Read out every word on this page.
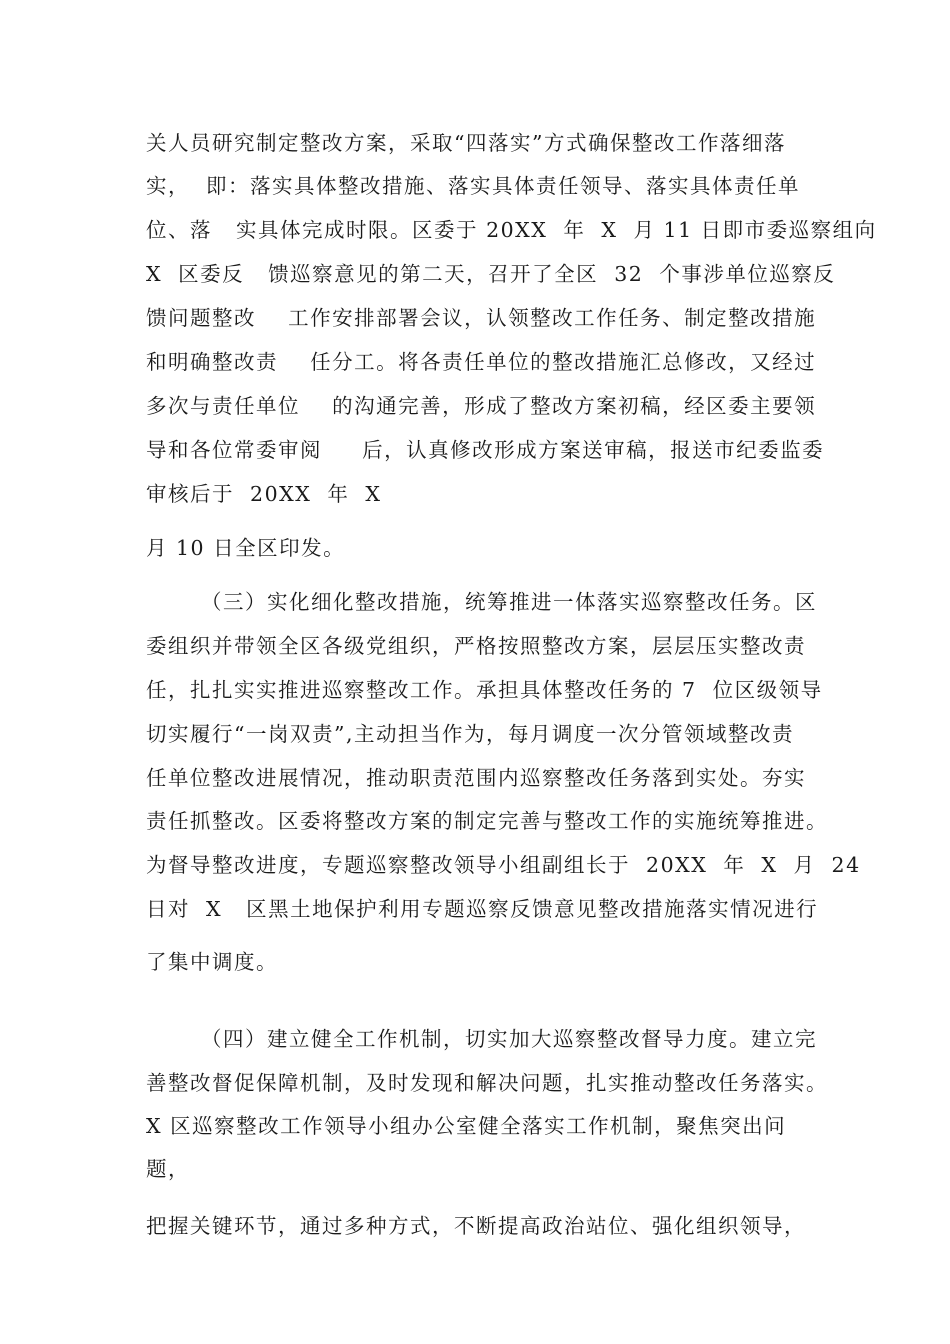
关人员研究制定整改方案，采取“四落实”方式确保整改工作落细落
实，  即：落实具体整改措施、落实具体责任领导、落实具体责任单
位、落   实具体完成时限。区委于 20XX  年  X  月 11 日即市委巡察组向
X  区委反   馈巡察意见的第二天，召开了全区  32  个事涉单位巡察反
馈问题整改    工作安排部署会议，认领整改工作任务、制定整改措施
和明确整改责    任分工。将各责任单位的整改措施汇总修改，又经过
多次与责任单位    的沟通完善，形成了整改方案初稿，经区委主要领
导和各位常委审阅     后，认真修改形成方案送审稿，报送市纪委监委
审核后于  20XX  年  X
月 10 日全区印发。
（三）实化细化整改措施，统筹推进一体落实巡察整改任务。区
委组织并带领全区各级党组织，严格按照整改方案，层层压实整改责
任，扎扎实实推进巡察整改工作。承担具体整改任务的 7  位区级领导
切实履行“一岗双责”,主动担当作为，每月调度一次分管领域整改责
任单位整改进展情况，推动职责范围内巡察整改任务落到实处。夯实
责任抓整改。区委将整改方案的制定完善与整改工作的实施统筹推进。
为督导整改进度，专题巡察整改领导小组副组长于  20XX  年  X  月  24
日对  X   区黑土地保护利用专题巡察反馈意见整改措施落实情况进行
了集中调度。
（四）建立健全工作机制，切实加大巡察整改督导力度。建立完
善整改督促保障机制，及时发现和解决问题，扎实推动整改任务落实。
X 区巡察整改工作领导小组办公室健全落实工作机制，聚焦突出问
题，
把握关键环节，通过多种方式，不断提高政治站位、强化组织领导，
